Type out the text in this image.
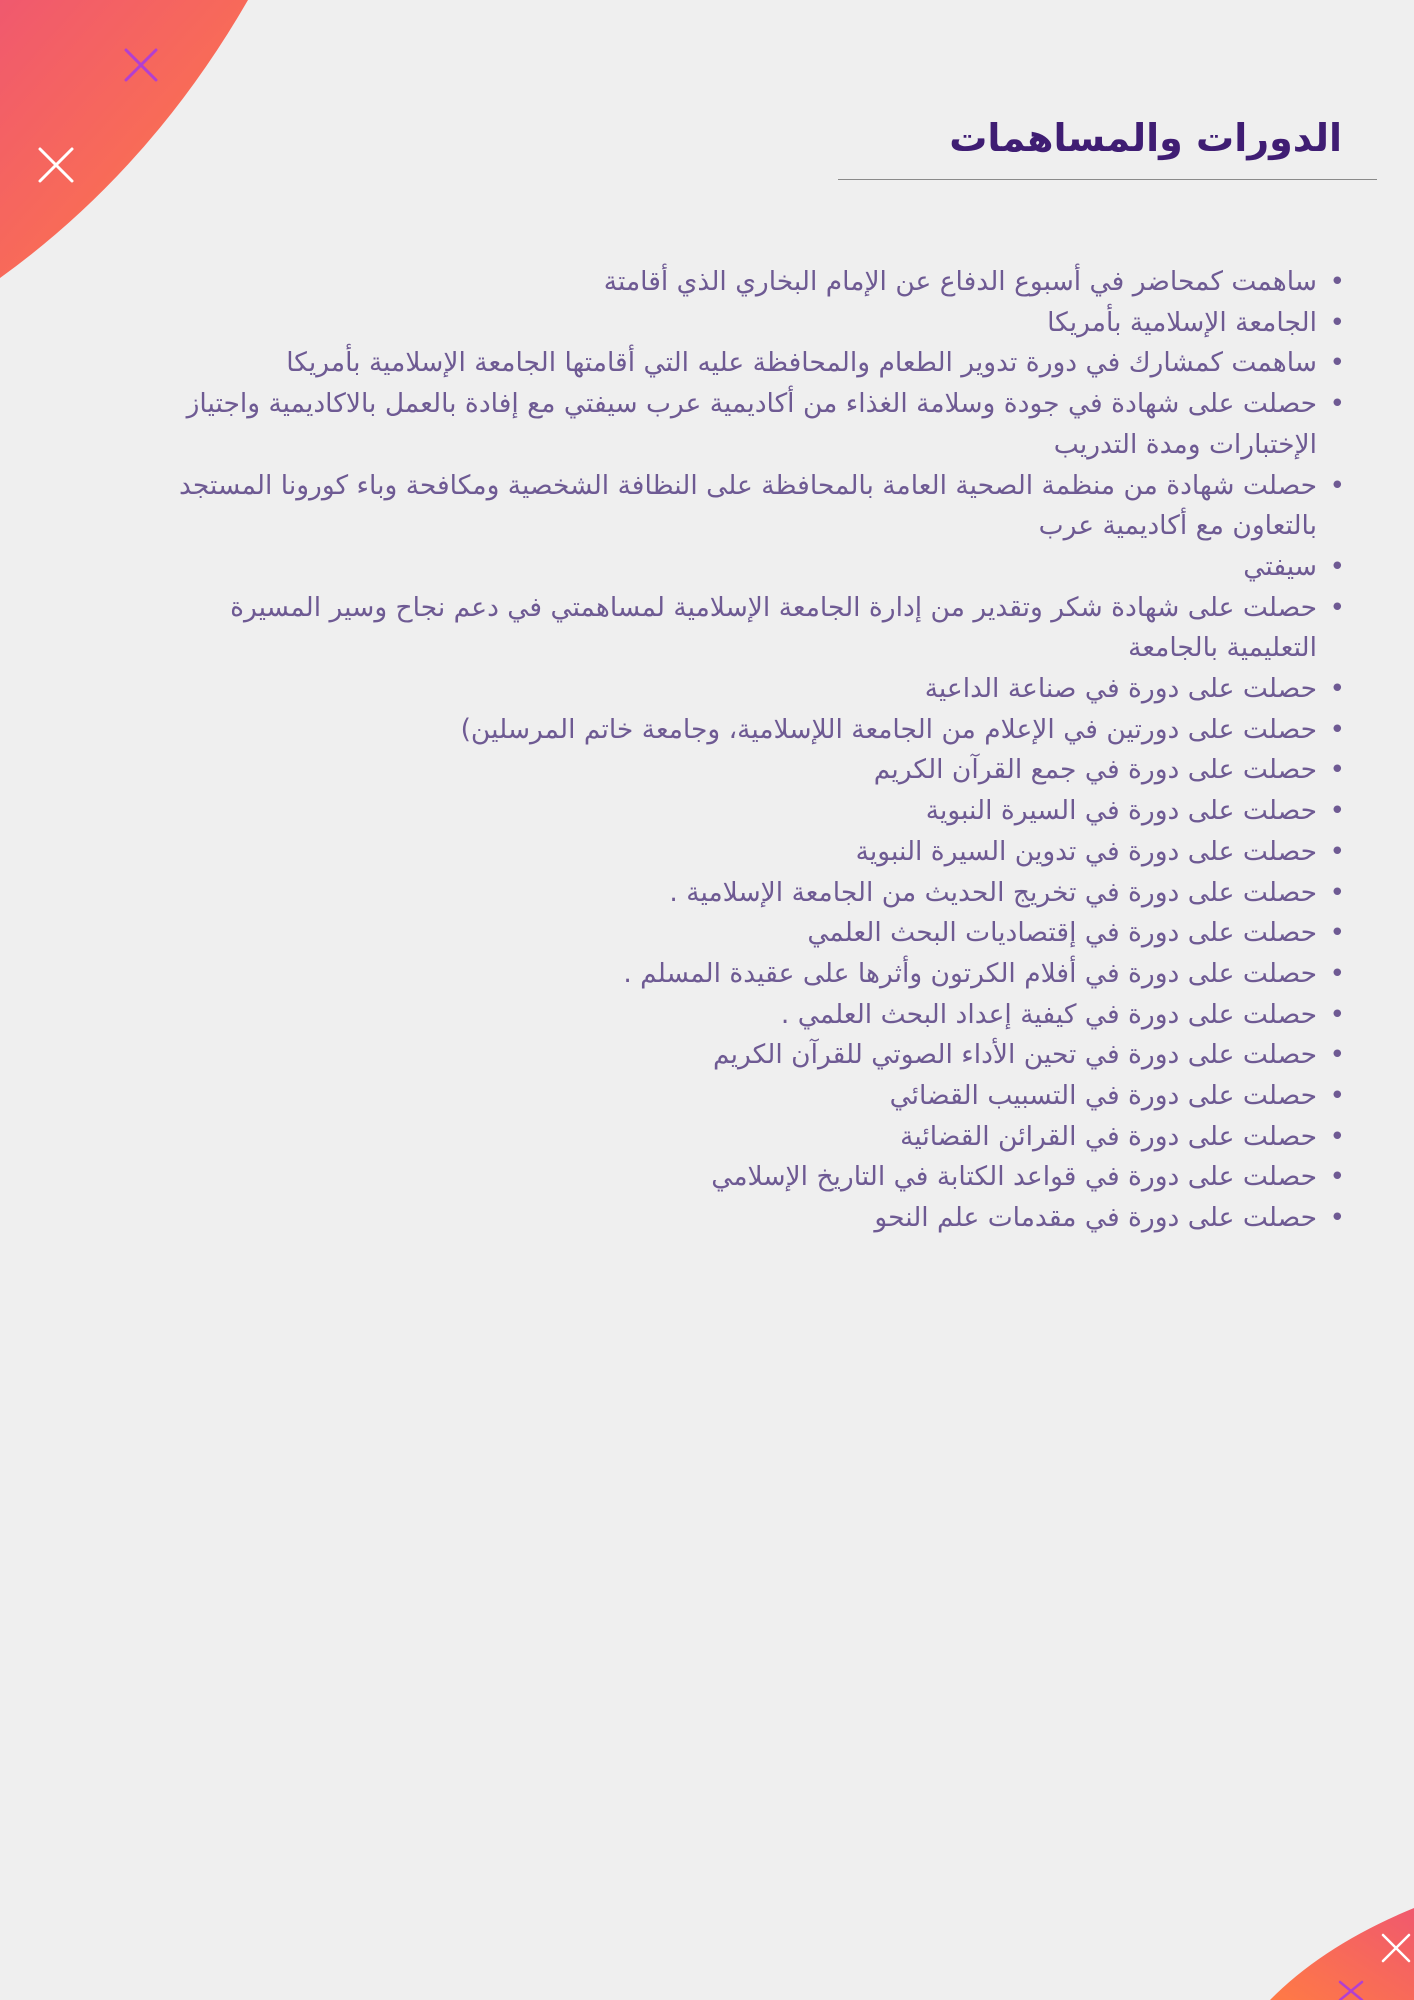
الدورات والمساهمات
• ساهمت كمحاضر في أسبوع الدفاع عن الإمام البخاري الذي أقامتة
• الجامعة الإسلامية بأمريكا
• ساهمت كمشارك في دورة تدوير الطعام والمحافظة عليه التي أقامتها الجامعة الإسلامية بأمريكا
• حصلت على شهادة في جودة وسلامة الغذاء من أكاديمية عرب سيفتي مع إفادة بالعمل بالاكاديمية واجتياز الإختبارات ومدة التدريب
• حصلت شهادة من منظمة الصحية العامة بالمحافظة على النظافة الشخصية ومكافحة وباء كورونا المستجد بالتعاون مع أكاديمية عرب
• سيفتي
• حصلت على شهادة شكر وتقدير من إدارة الجامعة الإسلامية لمساهمتي في دعم نجاح وسير المسيرة التعليمية بالجامعة
• حصلت على دورة في صناعة الداعية
• حصلت على دورتين في الإعلام من الجامعة اللإسلامية، وجامعة خاتم المرسلين)
• حصلت على دورة في جمع القرآن الكريم
• حصلت على دورة في السيرة النبوية
• حصلت على دورة في تدوين السيرة النبوية
• حصلت على دورة في تخريج الحديث من الجامعة الإسلامية .
• حصلت على دورة في إقتصاديات البحث العلمي
• حصلت على دورة في أفلام الكرتون وأثرها على عقيدة المسلم .
• حصلت على دورة في كيفية إعداد البحث العلمي .
• حصلت على دورة في تحين الأداء الصوتي للقرآن الكريم
• حصلت على دورة في التسبيب القضائي
• حصلت على دورة في القرائن القضائية
• حصلت على دورة في قواعد الكتابة في التاريخ الإسلامي
• حصلت على دورة في مقدمات علم النحو
